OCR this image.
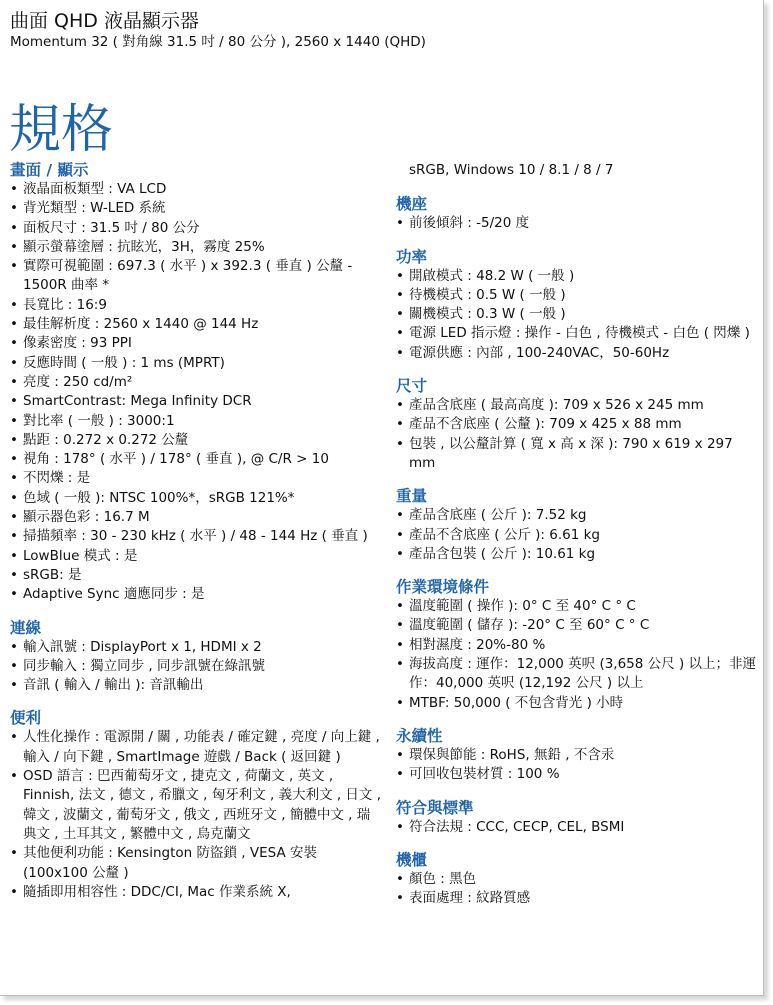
曲面 QHD 液晶顯示器
Momentum 32 ( 對角線 31.5 吋 / 80 公分 ), 2560 x 1440 (QHD)
規格
畫面 / 顯示
• 液晶面板類型 : VA LCD
• 背光類型 : W-LED 系統
• 面板尺寸 : 31.5 吋 / 80 公分
• 顯示螢幕塗層 : 抗眩光，3H，霧度 25%
• 實際可視範圍 : 697.3 ( 水平 ) x 392.3 ( 垂直 ) 公釐 - 1500R 曲率 *
• 長寬比 : 16:9
• 最佳解析度 : 2560 x 1440 @ 144 Hz
• 像素密度 : 93 PPI
• 反應時間 ( 一般 ) : 1 ms (MPRT)
• 亮度 : 250 cd/m²
• SmartContrast: Mega Infinity DCR
• 對比率 ( 一般 ) : 3000:1
• 點距 : 0.272 x 0.272 公釐
• 視角 : 178° ( 水平 ) / 178° ( 垂直 ), @ C/R > 10
• 不閃爍 : 是
• 色域 ( 一般 ): NTSC 100%*，sRGB 121%*
• 顯示器色彩 : 16.7 M
• 掃描頻率 : 30 - 230 kHz ( 水平 ) / 48 - 144 Hz ( 垂直 )
• LowBlue 模式 : 是
• sRGB: 是
• Adaptive Sync 適應同步 : 是
連線
• 輸入訊號 : DisplayPort x 1, HDMI x 2
• 同步輸入 : 獨立同步 , 同步訊號在綠訊號
• 音訊 ( 輸入 / 輸出 ): 音訊輸出
便利
• 人性化操作 : 電源開 / 關 , 功能表 / 確定鍵 , 亮度 / 向上鍵 , 輸入 / 向下鍵 , SmartImage 遊戲 / Back ( 返回鍵 )
• OSD 語言 : 巴西葡萄牙文 , 捷克文 , 荷蘭文 , 英文 , Finnish, 法文 , 德文 , 希臘文 , 匈牙利文 , 義大利文 , 日文 , 韓文 , 波蘭文 , 葡萄牙文 , 俄文 , 西班牙文 , 簡體中文 , 瑞典文 , 土耳其文 , 繁體中文 , 烏克蘭文
• 其他便利功能 : Kensington 防盜鎖 , VESA 安裝 (100x100 公釐 )
• 隨插即用相容性 : DDC/CI, Mac 作業系統 X,
sRGB, Windows 10 / 8.1 / 8 / 7
機座
• 前後傾斜 : -5/20 度
功率
• 開啟模式 : 48.2 W ( 一般 )
• 待機模式 : 0.5 W ( 一般 )
• 關機模式 : 0.3 W ( 一般 )
• 電源 LED 指示燈 : 操作 - 白色 , 待機模式 - 白色 ( 閃爍 )
• 電源供應 : 內部 , 100-240VAC，50-60Hz
尺寸
• 產品含底座 ( 最高高度 ): 709 x 526 x 245 mm
• 產品不含底座 ( 公釐 ): 709 x 425 x 88 mm
• 包裝 , 以公釐計算 ( 寬 x 高 x 深 ): 790 x 619 x 297 mm
重量
• 產品含底座 ( 公斤 ): 7.52 kg
• 產品不含底座 ( 公斤 ): 6.61 kg
• 產品含包裝 ( 公斤 ): 10.61 kg
作業環境條件
• 溫度範圍 ( 操作 ): 0° C 至 40° C ° C
• 溫度範圍 ( 儲存 ): -20° C 至 60° C ° C
• 相對濕度 : 20%-80 %
• 海拔高度 : 運作：12,000 英呎 (3,658 公尺 ) 以上；非運作：40,000 英呎 (12,192 公尺 ) 以上
• MTBF: 50,000 ( 不包含背光 ) 小時
永續性
• 環保與節能 : RoHS, 無鉛 , 不含汞
• 可回收包裝材質 : 100 %
符合與標準
• 符合法規 : CCC, CECP, CEL, BSMI
機櫃
• 顏色 : 黑色
• 表面處理 : 紋路質感
